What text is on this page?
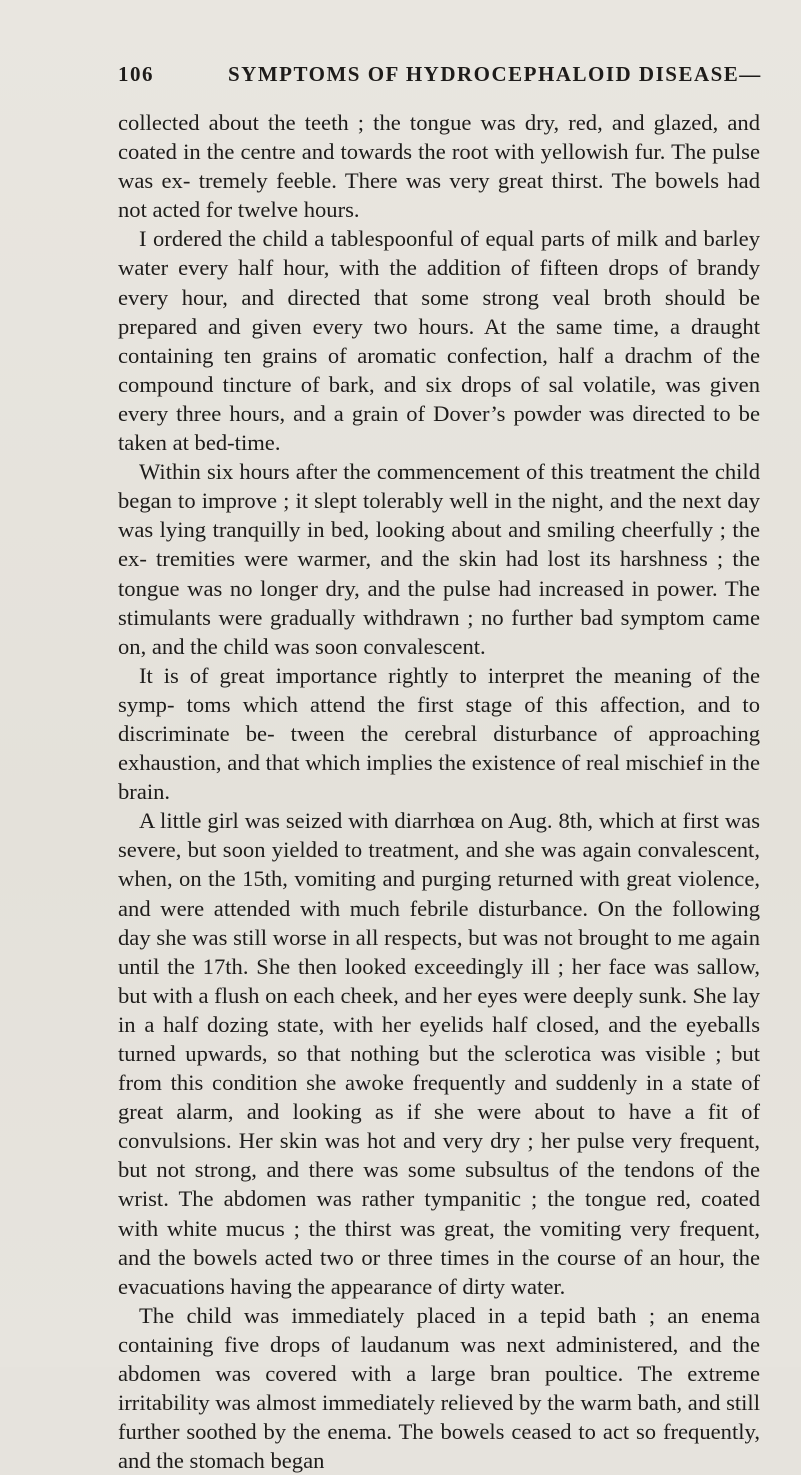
106	SYMPTOMS OF HYDROCEPHALOID DISEASE—

collected about the teeth ; the tongue was dry, red, and glazed, and coated in the centre and towards the root with yellowish fur. The pulse was ex- tremely feeble. There was very great thirst. The bowels had not acted for twelve hours.

I ordered the child a tablespoonful of equal parts of milk and barley water every half hour, with the addition of fifteen drops of brandy every hour, and directed that some strong veal broth should be prepared and given every two hours. At the same time, a draught containing ten grains of aromatic confection, half a drachm of the compound tincture of bark, and six drops of sal volatile, was given every three hours, and a grain of Dover’s powder was directed to be taken at bed-time.

Within six hours after the commencement of this treatment the child began to improve ; it slept tolerably well in the night, and the next day was lying tranquilly in bed, looking about and smiling cheerfully ; the ex- tremities were warmer, and the skin had lost its harshness ; the tongue was no longer dry, and the pulse had increased in power. The stimulants were gradually withdrawn ; no further bad symptom came on, and the child was soon convalescent.

It is of great importance rightly to interpret the meaning of the symp- toms which attend the first stage of this affection, and to discriminate be- tween the cerebral disturbance of approaching exhaustion, and that which implies the existence of real mischief in the brain.

A little girl was seized with diarrhœa on Aug. 8th, which at first was severe, but soon yielded to treatment, and she was again convalescent, when, on the 15th, vomiting and purging returned with great violence, and were attended with much febrile disturbance. On the following day she was still worse in all respects, but was not brought to me again until the 17th. She then looked exceedingly ill ; her face was sallow, but with a flush on each cheek, and her eyes were deeply sunk. She lay in a half dozing state, with her eyelids half closed, and the eyeballs turned upwards, so that nothing but the sclerotica was visible ; but from this condition she awoke frequently and suddenly in a state of great alarm, and looking as if she were about to have a fit of convulsions. Her skin was hot and very dry ; her pulse very frequent, but not strong, and there was some subsultus of the tendons of the wrist. The abdomen was rather tympanitic ; the tongue red, coated with white mucus ; the thirst was great, the vomiting very frequent, and the bowels acted two or three times in the course of an hour, the evacuations having the appearance of dirty water.

The child was immediately placed in a tepid bath ; an enema containing five drops of laudanum was next administered, and the abdomen was covered with a large bran poultice. The extreme irritability was almost immediately relieved by the warm bath, and still further soothed by the enema. The bowels ceased to act so frequently, and the stomach began
